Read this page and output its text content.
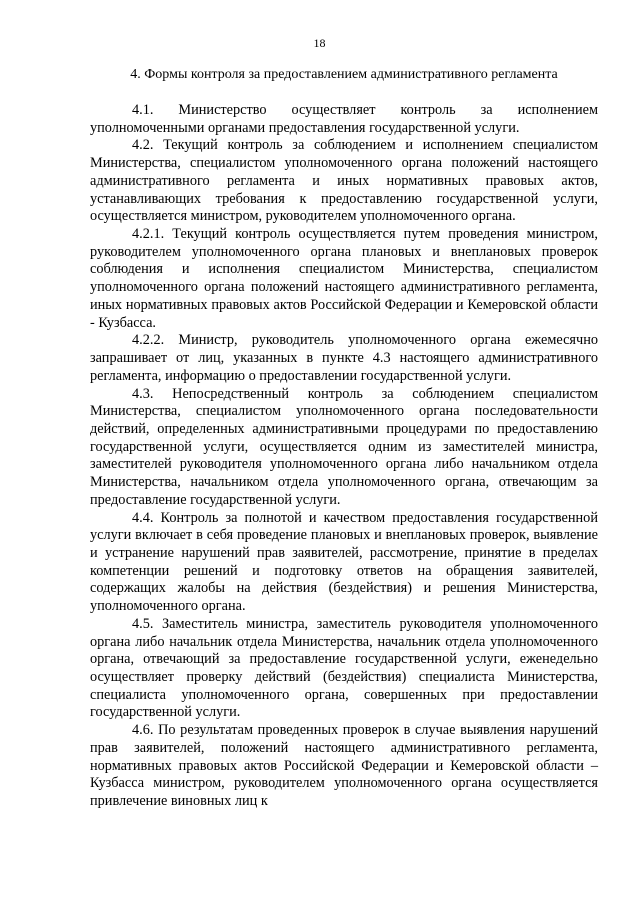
18
4. Формы контроля за предоставлением административного регламента

4.1. Министерство осуществляет контроль за исполнением уполномоченными органами предоставления государственной услуги.

4.2. Текущий контроль за соблюдением и исполнением специалистом Министерства, специалистом уполномоченного органа положений настоящего административного регламента и иных нормативных правовых актов, устанавливающих требования к предоставлению государственной услуги, осуществляется министром, руководителем уполномоченного органа.

4.2.1. Текущий контроль осуществляется путем проведения министром, руководителем уполномоченного органа плановых и внеплановых проверок соблюдения и исполнения специалистом Министерства, специалистом уполномоченного органа положений настоящего административного регламента, иных нормативных правовых актов Российской Федерации и Кемеровской области - Кузбасса.

4.2.2. Министр, руководитель уполномоченного органа ежемесячно запрашивает от лиц, указанных в пункте 4.3 настоящего административного регламента, информацию о предоставлении государственной услуги.

4.3. Непосредственный контроль за соблюдением специалистом Министерства, специалистом уполномоченного органа последовательности действий, определенных административными процедурами по предоставлению государственной услуги, осуществляется одним из заместителей министра, заместителей руководителя уполномоченного органа либо начальником отдела Министерства, начальником отдела уполномоченного органа, отвечающим за предоставление государственной услуги.

4.4. Контроль за полнотой и качеством предоставления государственной услуги включает в себя проведение плановых и внеплановых проверок, выявление и устранение нарушений прав заявителей, рассмотрение, принятие в пределах компетенции решений и подготовку ответов на обращения заявителей, содержащих жалобы на действия (бездействия) и решения Министерства, уполномоченного органа.

4.5. Заместитель министра, заместитель руководителя уполномоченного органа либо начальник отдела Министерства, начальник отдела уполномоченного органа, отвечающий за предоставление государственной услуги, еженедельно осуществляет проверку действий (бездействия) специалиста Министерства, специалиста уполномоченного органа, совершенных при предоставлении государственной услуги.

4.6. По результатам проведенных проверок в случае выявления нарушений прав заявителей, положений настоящего административного регламента, нормативных правовых актов Российской Федерации и Кемеровской области – Кузбасса министром, руководителем уполномоченного органа осуществляется привлечение виновных лиц к
